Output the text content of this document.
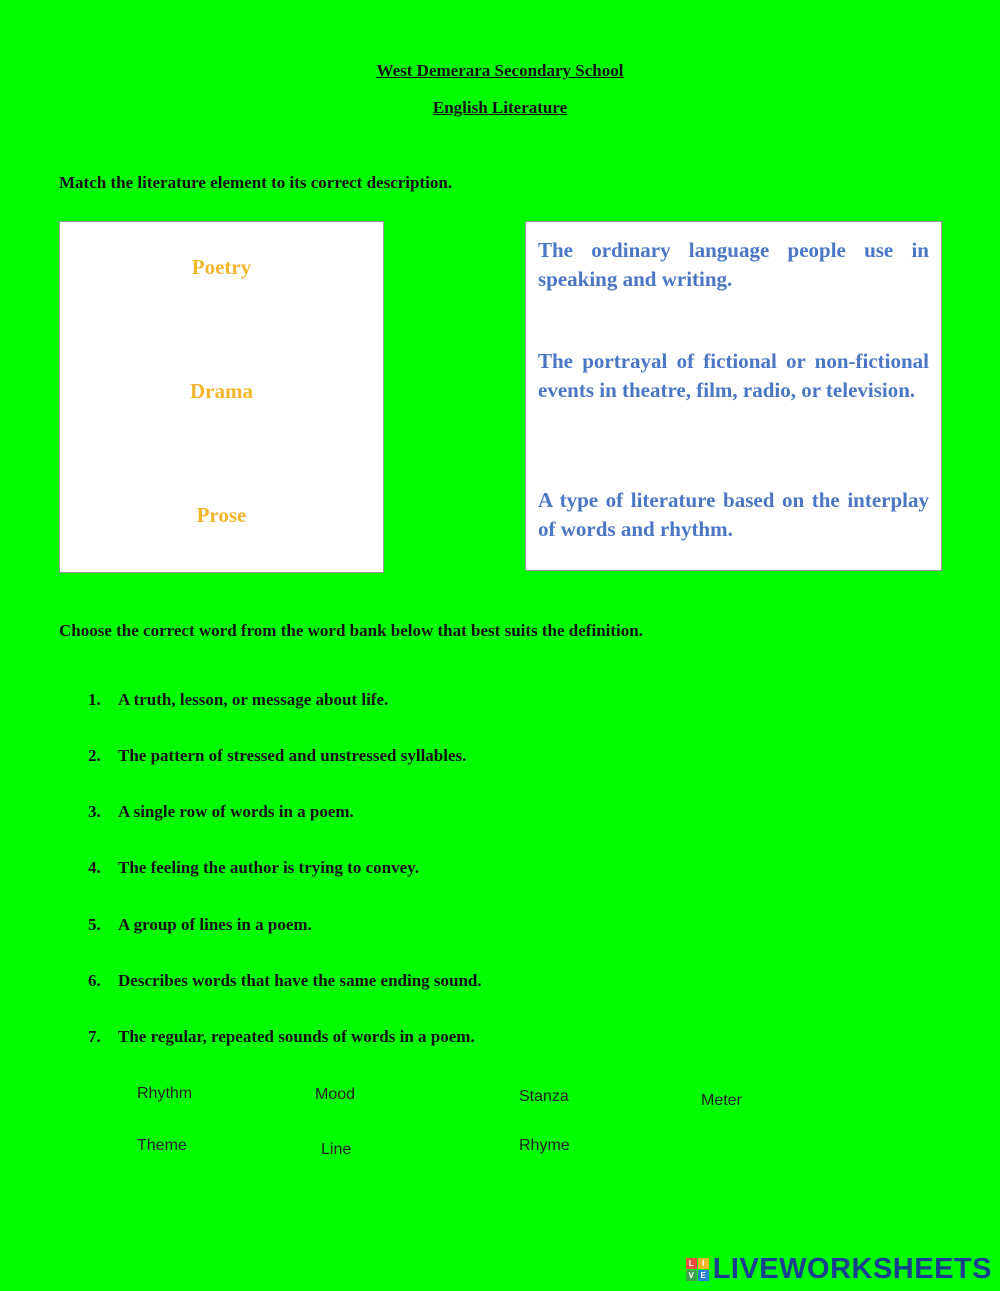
West Demerara Secondary School
English Literature
Match the literature element to its correct description.
Poetry
Drama
Prose
The ordinary language people use in speaking and writing.
The portrayal of fictional or non-fictional events in theatre, film, radio, or television.
A type of literature based on the interplay of words and rhythm.
Choose the correct word from the word bank below that best suits the definition.
1. A truth, lesson, or message about life.
2. The pattern of stressed and unstressed syllables.
3. A single row of words in a poem.
4. The feeling the author is trying to convey.
5. A group of lines in a poem.
6. Describes words that have the same ending sound.
7. The regular, repeated sounds of words in a poem.
Rhythm	Mood	Stanza	Meter
Theme	Line	Rhyme
L	I
V E LIVEWORKSHEETS
